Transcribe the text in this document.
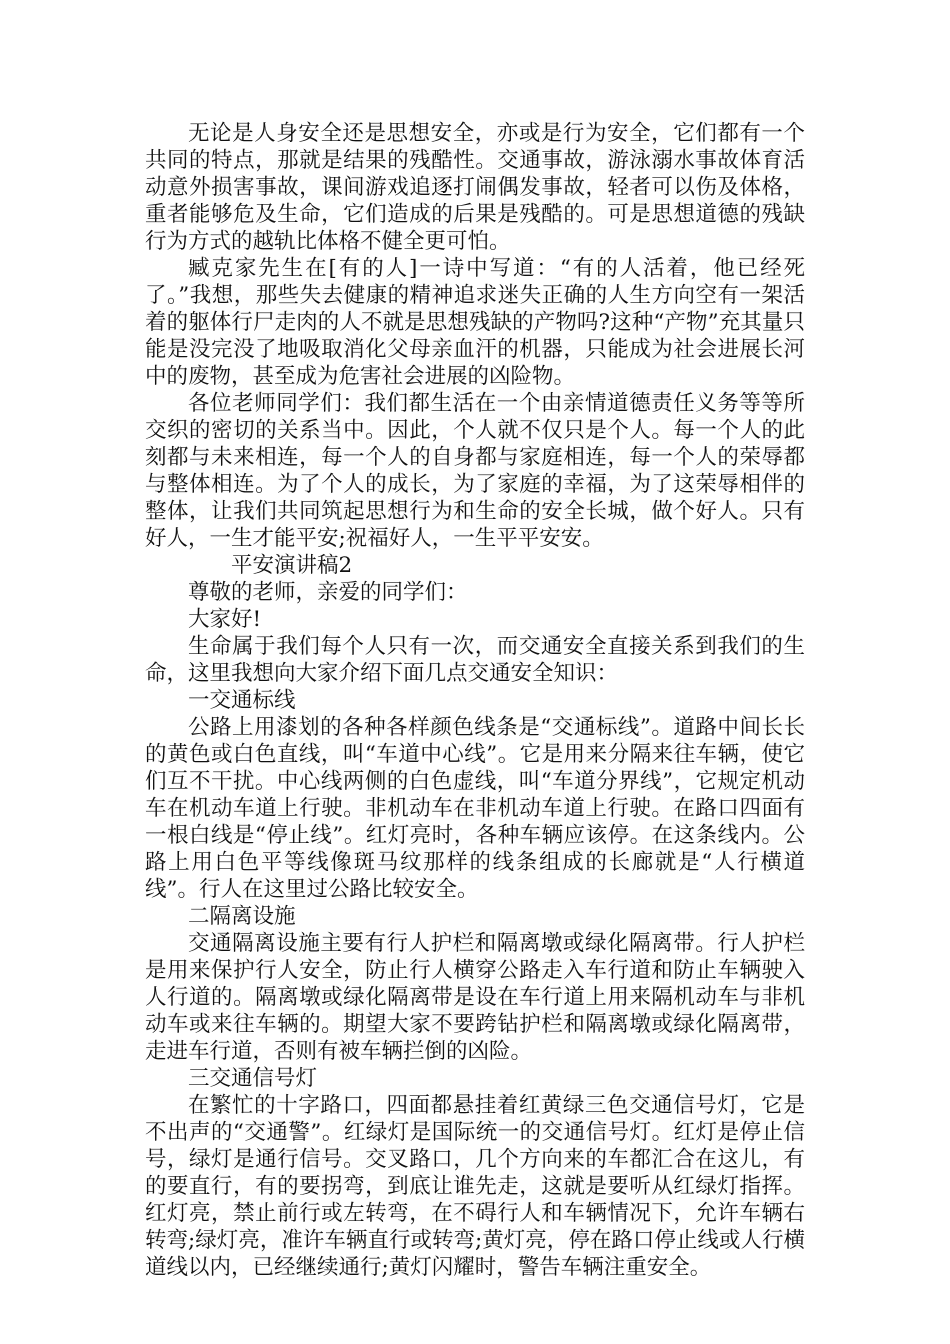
无论是人身安全还是思想安全，亦或是行为安全，它们都有一个共同的特点，那就是结果的残酷性。交通事故，游泳溺水事故体育活动意外损害事故，课间游戏追逐打闹偶发事故，轻者可以伤及体格，重者能够危及生命，它们造成的后果是残酷的。可是思想道德的残缺行为方式的越轨比体格不健全更可怕。

臧克家先生在[有的人]一诗中写道：“有的人活着，他已经死了。”我想，那些失去健康的精神追求迷失正确的人生方向空有一架活着的躯体行尸走肉的人不就是思想残缺的产物吗?这种“产物”充其量只能是没完没了地吸取消化父母亲血汗的机器，只能成为社会进展长河中的废物，甚至成为危害社会进展的凶险物。

各位老师同学们：我们都生活在一个由亲情道德责任义务等等所交织的密切的关系当中。因此，个人就不仅只是个人。每一个人的此刻都与未来相连，每一个人的自身都与家庭相连，每一个人的荣辱都与整体相连。为了个人的成长，为了家庭的幸福，为了这荣辱相伴的整体，让我们共同筑起思想行为和生命的安全长城，做个好人。只有好人，一生才能平安;祝福好人，一生平平安安。

平安演讲稿2

尊敬的老师，亲爱的同学们：

大家好!

生命属于我们每个人只有一次，而交通安全直接关系到我们的生命，这里我想向大家介绍下面几点交通安全知识：

一交通标线

公路上用漆划的各种各样颜色线条是“交通标线”。道路中间长长的黄色或白色直线，叫“车道中心线”。它是用来分隔来往车辆，使它们互不干扰。中心线两侧的白色虚线，叫“车道分界线”，它规定机动车在机动车道上行驶。非机动车在非机动车道上行驶。在路口四面有一根白线是“停止线”。红灯亮时，各种车辆应该停。在这条线内。公路上用白色平等线像斑马纹那样的线条组成的长廊就是“人行横道线”。行人在这里过公路比较安全。

二隔离设施

交通隔离设施主要有行人护栏和隔离墩或绿化隔离带。行人护栏是用来保护行人安全，防止行人横穿公路走入车行道和防止车辆驶入人行道的。隔离墩或绿化隔离带是设在车行道上用来隔机动车与非机动车或来往车辆的。期望大家不要跨钻护栏和隔离墩或绿化隔离带，走进车行道，否则有被车辆拦倒的凶险。

三交通信号灯

在繁忙的十字路口，四面都悬挂着红黄绿三色交通信号灯，它是不出声的“交通警”。红绿灯是国际统一的交通信号灯。红灯是停止信号，绿灯是通行信号。交叉路口，几个方向来的车都汇合在这儿，有的要直行，有的要拐弯，到底让谁先走，这就是要听从红绿灯指挥。红灯亮，禁止前行或左转弯，在不碍行人和车辆情况下，允许车辆右转弯;绿灯亮，准许车辆直行或转弯;黄灯亮，停在路口停止线或人行横道线以内，已经继续通行;黄灯闪耀时，警告车辆注重安全。
